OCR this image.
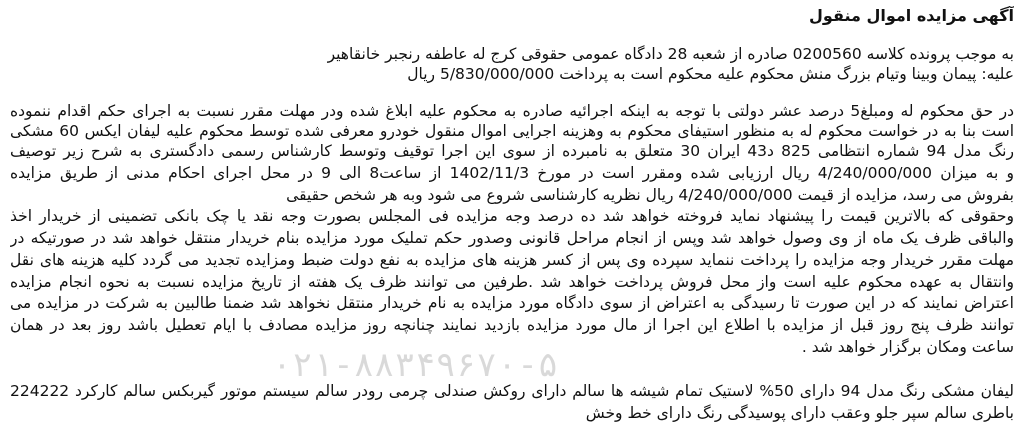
۰۲۱-۸۸۳۴۹۶۷۰-۵
آگهی مزایده اموال منقول
به موجب پرونده کلاسه 0200560 صادره از شعبه 28 دادگاه عمومی حقوقی کرج له عاطفه رنجبر خانقاهیر
علیه: پیمان وبینا وتیام بزرگ منش محکوم علیه محکوم است به پرداخت 5/830/000/000 ریال
در حق محکوم له ومبلغ5 درصد عشر دولتی با توجه به اینکه اجرائیه صادره به محکوم علیه ابلاغ شده ودر مهلت مقرر نسبت به اجرای حکم اقدام ننموده
است بنا به در خواست محکوم له به منظور استیفای محکوم به وهزینه اجرایی اموال منقول خودرو معرفی شده توسط محکوم علیه لیفان ایکس 60 مشکی
رنگ مدل 94 شماره انتظامی 825 د43 ایران 30 متعلق به نامبرده از سوی این اجرا توقیف وتوسط کارشناس رسمی دادگستری به شرح زیر توصیف
و به میزان 4/240/000/000 ریال ارزیابی شده ومقرر است در مورخ 1402/11/3 از ساعت8 الی 9 در محل اجرای احکام مدنی از طریق مزایده
بفروش می رسد، مزایده از قیمت 4/240/000/000 ریال نظریه کارشناسی شروع می شود وبه هر شخص حقیقی
وحقوقی که بالاترین قیمت را پیشنهاد نماید فروخته خواهد شد ده درصد وجه مزایده فی المجلس بصورت وجه نقد یا چک بانکی تضمینی از خریدار اخذ
والباقی ظرف یک ماه از وی وصول خواهد شد وپس از انجام مراحل قانونی وصدور حکم تملیک مورد مزایده بنام خریدار منتقل خواهد شد در صورتیکه در
مهلت مقرر خریدار وجه مزایده را پرداخت ننماید سپرده وی پس از کسر هزینه های مزایده به نفع دولت ضبط ومزایده تجدید می گردد کلیه هزینه های نقل
وانتقال به عهده محکوم علیه است واز محل فروش پرداخت خواهد شد .طرفین می توانند ظرف یک هفته از تاریخ مزایده نسبت به نحوه انجام مزایده
اعتراض نمایند که در این صورت تا رسیدگی به اعتراض از سوی دادگاه مورد مزایده به نام خریدار منتقل نخواهد شد ضمنا طالبین به شرکت در مزایده می
توانند ظرف پنج روز قبل از مزایده با اطلاع این اجرا از مال مورد مزایده بازدید نمایند چنانچه روز مزایده مصادف با ایام تعطیل باشد روز بعد در همان
ساعت ومکان برگزار خواهد شد .
لیفان مشکی رنگ مدل 94 دارای 50% لاستیک تمام شیشه ها سالم دارای روکش صندلی چرمی رودر سالم سیستم موتور گیربکس سالم کارکرد 224222
باطری سالم سپر جلو وعقب دارای پوسیدگی رنگ دارای خط وخش
